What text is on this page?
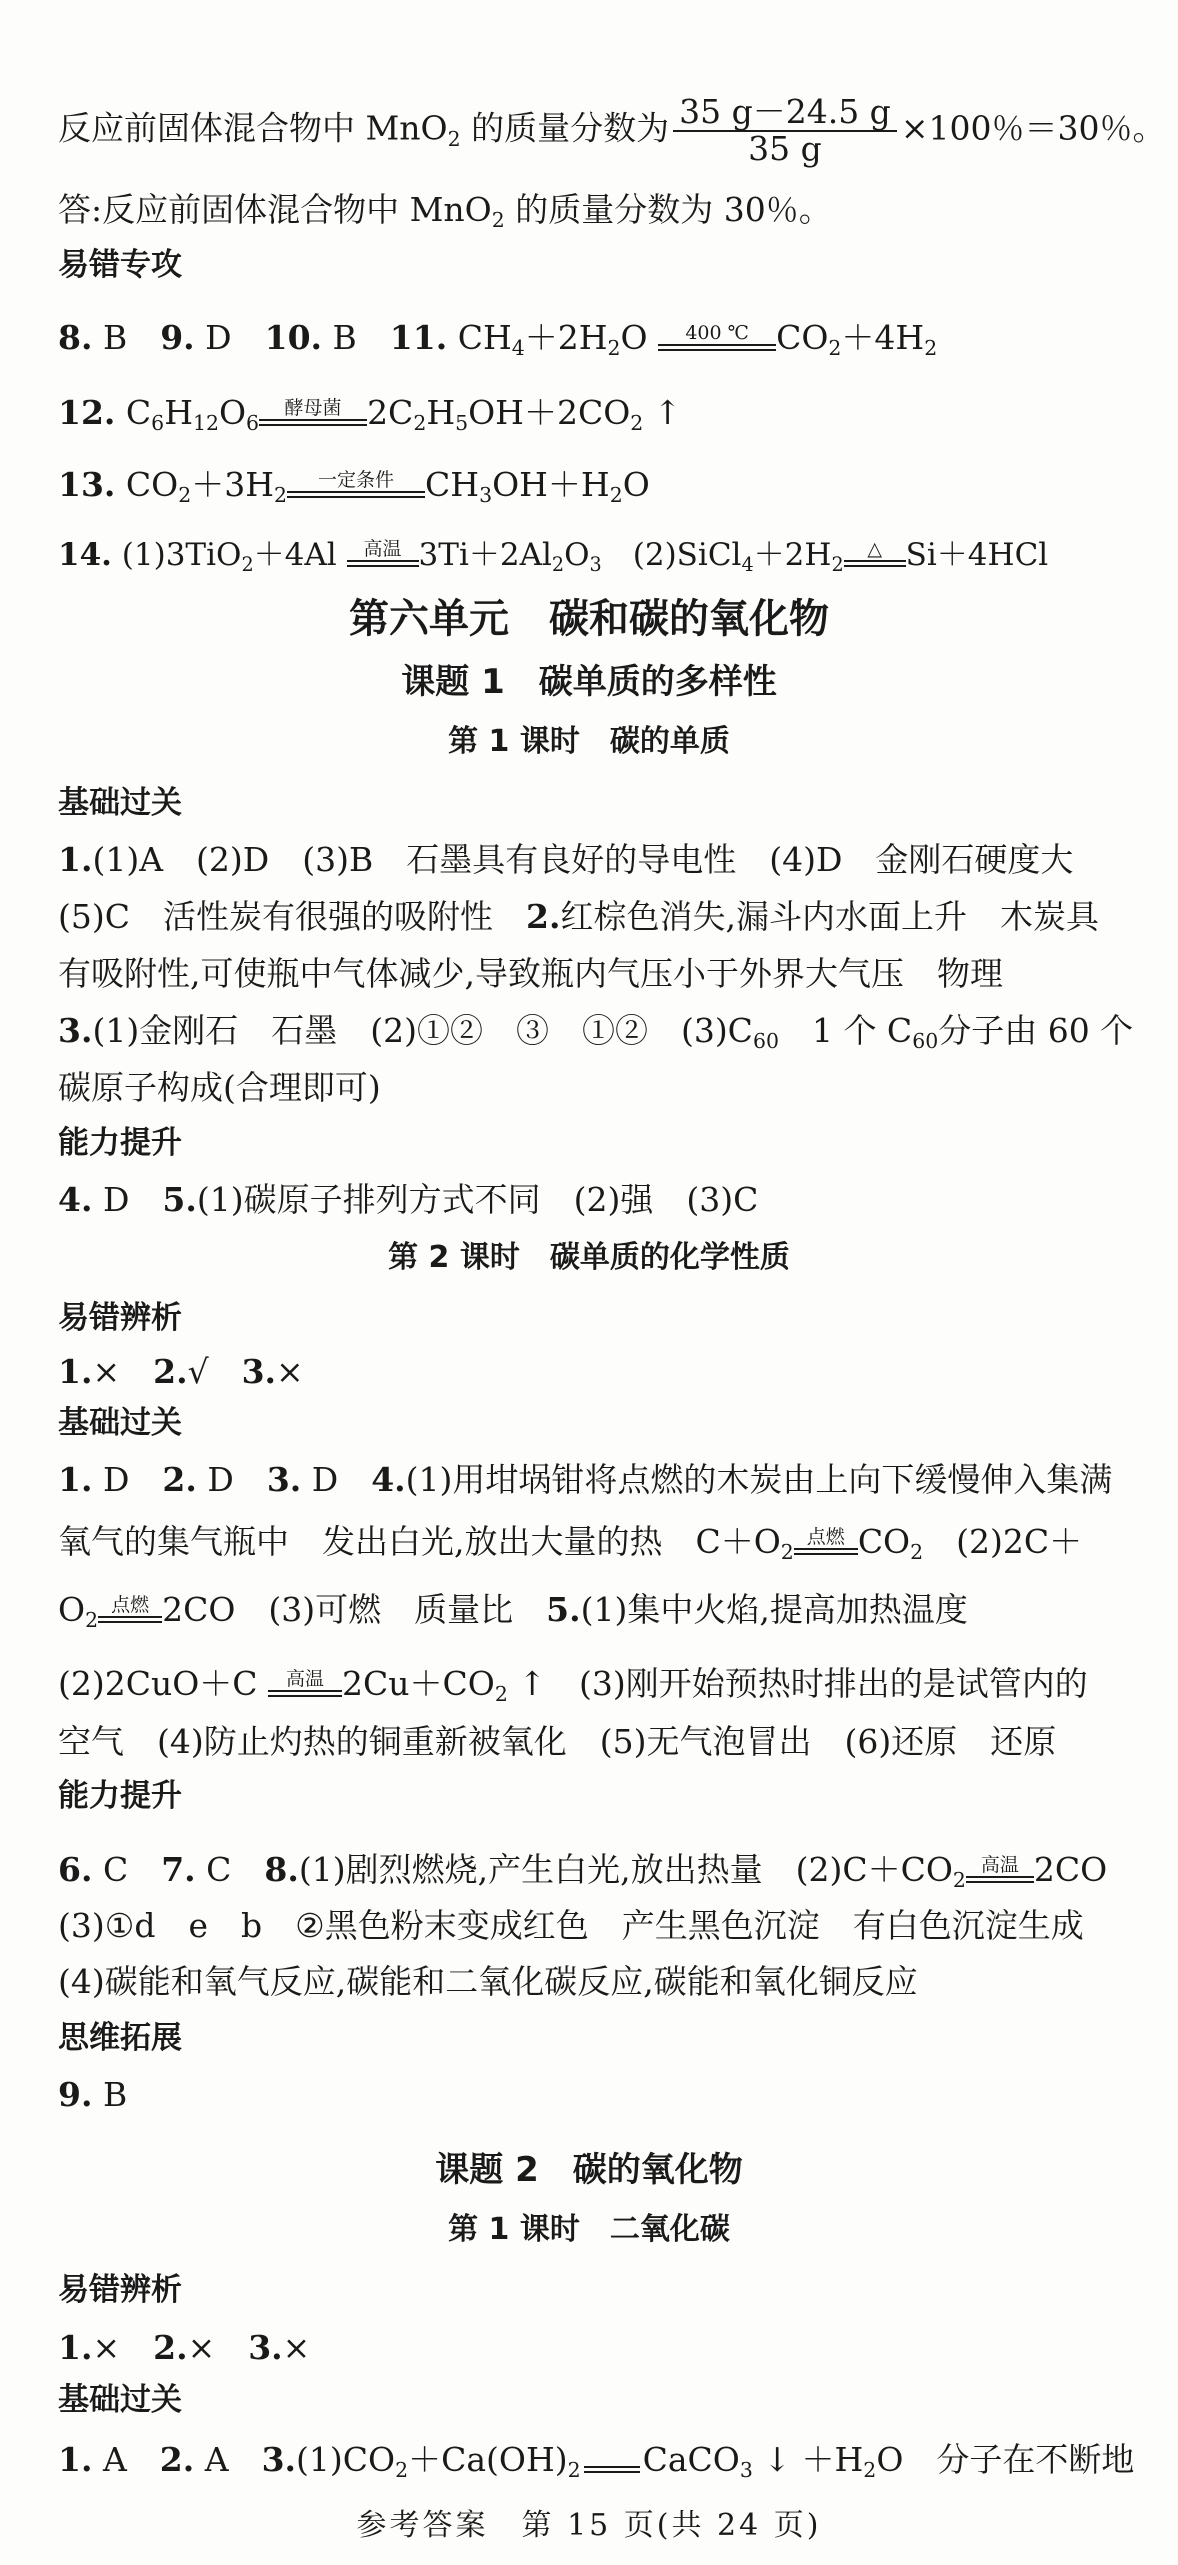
反应前固体混合物中 MnO$_2$ 的质量分数为 $\frac{35 g-24.5 g}{35 g} \times 100$％＝30％。
答:反应前固体混合物中 MnO$_2$ 的质量分数为 30％。
易错专攻
8. B　9. D　10. B　11. $CH_4+2H_2O$	400 ℃ $CO_2+4H_2$
12. $C_6H_{12}O_6$
酵母菌 $2C_2H_5OH+2CO_2$ ↑
13. $CO_2+3H_2$
一定条件 $CH_3OH+H_2O$
14. (1)3TiO$_2$＋4Al 高温 $3Ti+2Al_2O_3$　$(2)SiCl_4+2H_2$
△ Si＋4HCl
第六单元　碳和碳的氧化物
课题 1　碳单质的多样性
第 1 课时　碳的单质
基础过关
1.(1)A　(2)D　(3)B　石墨具有良好的导电性　(4)D　金刚石硬度大
(5)C　活性炭有很强的吸附性　2.红棕色消失,漏斗内水面上升　木炭具
有吸附性,可使瓶中气体减少,导致瓶内气压小于外界大气压　物理
3.(1)金刚石　石墨　(2)①②　③　①②　$(3)C_{60}$　1 个 $C_{60}$分子由 60 个
碳原子构成(合理即可)
能力提升
4. D　5.(1)碳原子排列方式不同　(2)强　(3)C
第 2 课时　碳单质的化学性质
易错辨析
1.×　2.√　3.×
基础过关
1. D　2. D　3. D　4.(1)用坩埚钳将点燃的木炭由上向下缓慢伸入集满
氧气的集气瓶中　发出白光,放出大量的热　$C+O_2$
点燃 $CO_2$　(2)2C＋
$O_2$
点燃 2CO　(3)可燃　质量比　5.(1)集中火焰,提高加热温度
(2)2CuO＋C 高温 $2Cu+CO_2$ ↑　(3)刚开始预热时排出的是试管内的
空气　(4)防止灼热的铜重新被氧化　(5)无气泡冒出　(6)还原　还原
能力提升
6. C　7. C　8.(1)剧烈燃烧,产生白光,放出热量　$(2)C+CO_2$
高温 2CO
(3)①d　e　b　②黑色粉末变成红色　产生黑色沉淀　有白色沉淀生成
(4)碳能和氧气反应,碳能和二氧化碳反应,碳能和氧化铜反应
思维拓展
9. B
课题 2　碳的氧化物
第 1 课时　二氧化碳
易错辨析
1.×　2.×　3.×
基础过关
1. A　2. A　$3.(1)CO_2+Ca(OH)_2$ CaCO$_3$ ↓ $+H_2O$　分子在不断地
参考答案　第 15 页(共 24 页)
